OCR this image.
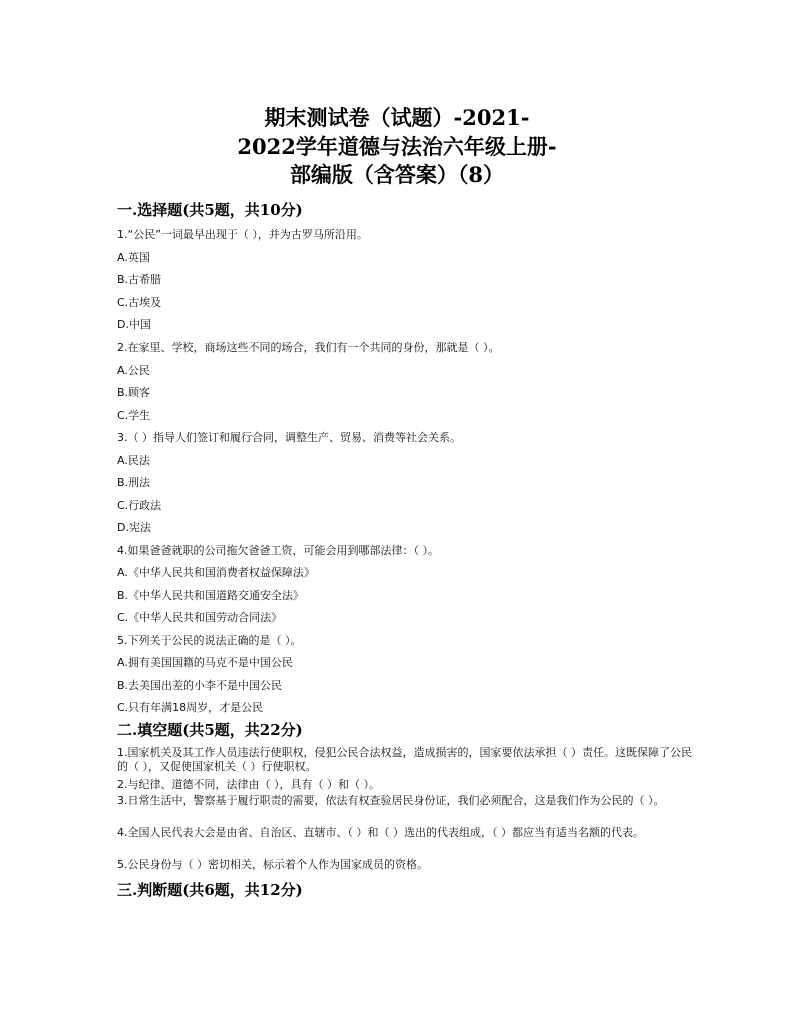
期末测试卷（试题）-2021-
2022学年道德与法治六年级上册-
部编版（含答案）（8）
一.选择题(共5题，共10分)
1.“公民”一词最早出现于（ ），并为古罗马所沿用。
A.英国
B.古希腊
C.古埃及
D.中国
2.在家里、学校，商场这些不同的场合，我们有一个共同的身份，那就是（ ）。
A.公民
B.顾客
C.学生
3.（ ）指导人们签订和履行合同，调整生产、贸易、消费等社会关系。
A.民法
B.刑法
C.行政法
D.宪法
4.如果爸爸就职的公司拖欠爸爸工资，可能会用到哪部法律：（ ）。
A.《中华人民共和国消费者权益保障法》
B.《中华人民共和国道路交通安全法》
C.《中华人民共和国劳动合同法》
5.下列关于公民的说法正确的是（ ）。
A.拥有美国国籍的马克不是中国公民
B.去美国出差的小李不是中国公民
C.只有年满18周岁，才是公民
二.填空题(共5题，共22分)
1.国家机关及其工作人员违法行使职权，侵犯公民合法权益，造成损害的，国家要依法承担（ ）责任。这既保障了公民的（ ），又促使国家机关（ ）行使职权。
2.与纪律、道德不同，法律由（ ），具有（ ）和（ ）。
3.日常生活中，警察基于履行职责的需要，依法有权查验居民身份证，我们必须配合，这是我们作为公民的（ ）。
4.全国人民代表大会是由省、自治区、直辖市、（ ）和（ ）选出的代表组成，（ ）都应当有适当名额的代表。
5.公民身份与（ ）密切相关，标示着个人作为国家成员的资格。
三.判断题(共6题，共12分)
